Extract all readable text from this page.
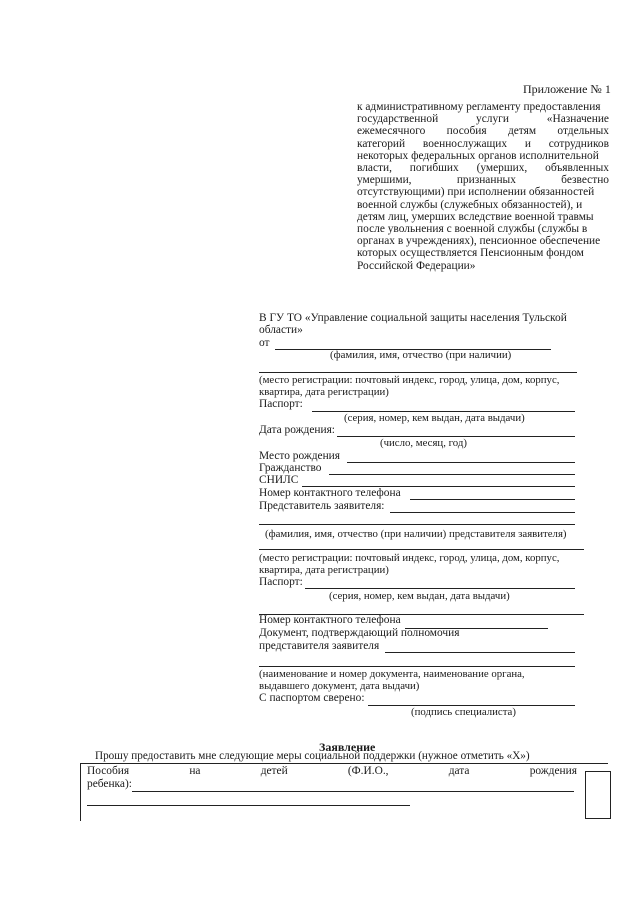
Приложение № 1
к административному регламенту предоставления
государственной	услуги	«Назначение
ежемесячного пособия детям отдельных
категорий военнослужащих и сотрудников
некоторых федеральных органов исполнительной
власти, погибших (умерших, объявленных
умершими,	признанных	безвестно
отсутствующими) при исполнении обязанностей
военной службы (служебных обязанностей), и
детям лиц, умерших вследствие военной травмы
после увольнения с военной службы (службы в
органах в учреждениях), пенсионное обеспечение
которых осуществляется Пенсионным фондом
Российской Федерации»
В ГУ ТО «Управление социальной защиты населения Тульской
области»
от
(фамилия, имя, отчество (при наличии)
(место регистрации: почтовый индекс, город, улица, дом, корпус,
квартира, дата регистрации)
Паспорт:
(серия, номер, кем выдан, дата выдачи)
Дата рождения:
(число, месяц, год)
Место рождения
Гражданство
СНИЛС
Номер контактного телефона
Представитель заявителя:
(фамилия, имя, отчество (при наличии) представителя заявителя)
(место регистрации: почтовый индекс, город, улица, дом, корпус,
квартира, дата регистрации)
Паспорт:
(серия, номер, кем выдан, дата выдачи)
Номер контактного телефона
Документ, подтверждающий полномочия
представителя заявителя
(наименование и номер документа, наименование органа,
выдавшего документ, дата выдачи)
С паспортом сверено:
(подпись специалиста)
Заявление
Прошу предоставить мне следующие меры социальной поддержки (нужное отметить «Х»)
Пособия	на	детей	(Ф.И.О.,	дата	рождения
ребенка):
